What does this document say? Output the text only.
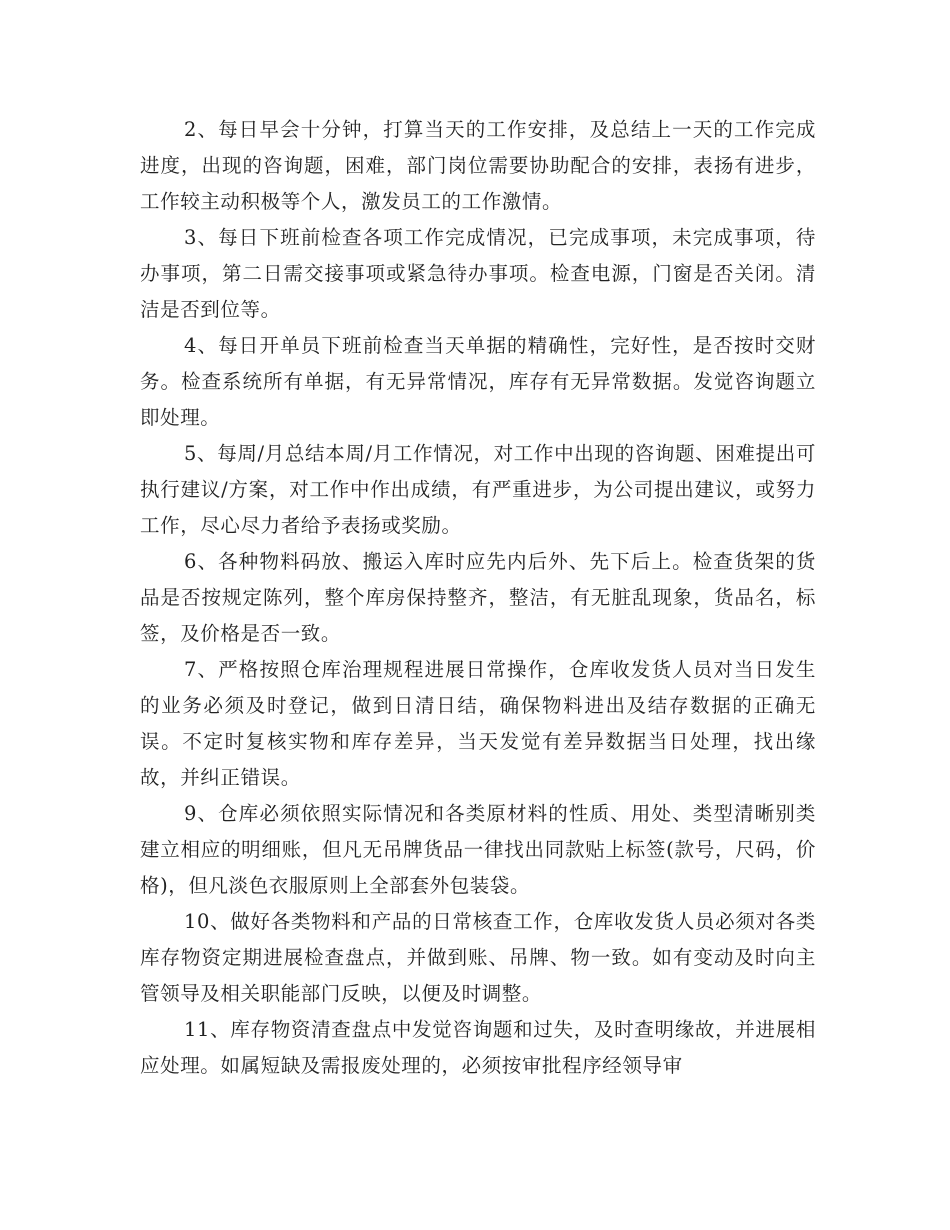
2、每日早会十分钟，打算当天的工作安排，及总结上一天的工作完成进度，出现的咨询题，困难，部门岗位需要协助配合的安排，表扬有进步，工作较主动积极等个人，激发员工的工作激情。

3、每日下班前检查各项工作完成情况，已完成事项，未完成事项，待办事项，第二日需交接事项或紧急待办事项。检查电源，门窗是否关闭。清洁是否到位等。

4、每日开单员下班前检查当天单据的精确性，完好性，是否按时交财务。检查系统所有单据，有无异常情况，库存有无异常数据。发觉咨询题立即处理。

5、每周/月总结本周/月工作情况，对工作中出现的咨询题、困难提出可执行建议/方案，对工作中作出成绩，有严重进步，为公司提出建议，或努力工作，尽心尽力者给予表扬或奖励。

6、各种物料码放、搬运入库时应先内后外、先下后上。检查货架的货品是否按规定陈列，整个库房保持整齐，整洁，有无脏乱现象，货品名，标签，及价格是否一致。

7、严格按照仓库治理规程进展日常操作，仓库收发货人员对当日发生的业务必须及时登记，做到日清日结，确保物料进出及结存数据的正确无误。不定时复核实物和库存差异，当天发觉有差异数据当日处理，找出缘故，并纠正错误。

9、仓库必须依照实际情况和各类原材料的性质、用处、类型清晰别类建立相应的明细账，但凡无吊牌货品一律找出同款贴上标签(款号，尺码，价格)，但凡淡色衣服原则上全部套外包装袋。

10、做好各类物料和产品的日常核查工作，仓库收发货人员必须对各类库存物资定期进展检查盘点，并做到账、吊牌、物一致。如有变动及时向主管领导及相关职能部门反映，以便及时调整。

11、库存物资清查盘点中发觉咨询题和过失，及时查明缘故，并进展相应处理。如属短缺及需报废处理的，必须按审批程序经领导审
